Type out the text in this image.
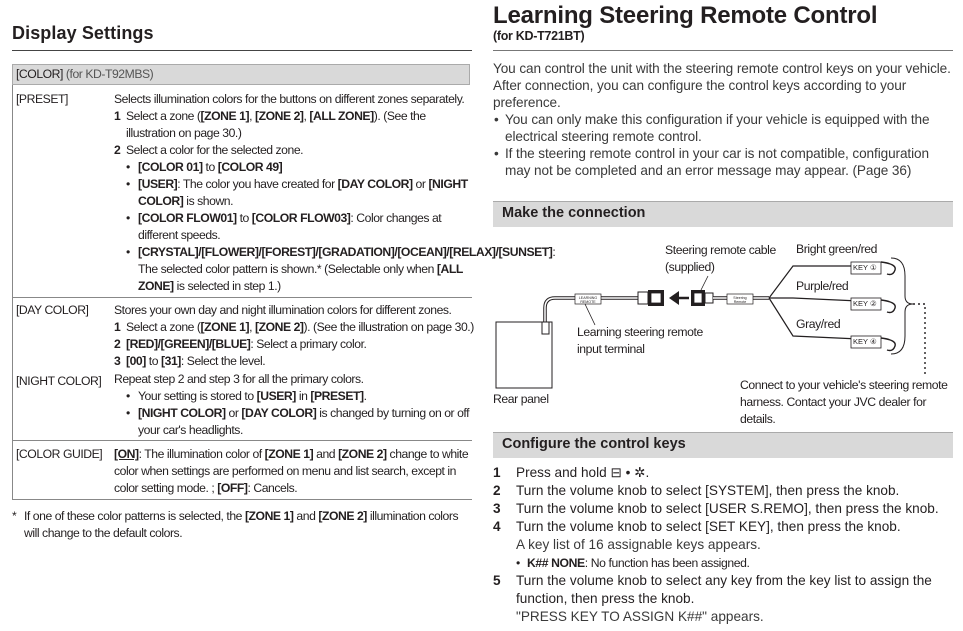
Display Settings
[COLOR] (for KD-T92MBS)
[PRESET]	Selects illumination colors for the buttons on different zones separately.
1 Select a zone ([ZONE 1], [ZONE 2], [ALL ZONE]). (See the illustration on page 30.)
2 Select a color for the selected zone.
• [COLOR 01] to [COLOR 49]
• [USER]: The color you have created for [DAY COLOR] or [NIGHT COLOR] is shown.
• [COLOR FLOW01] to [COLOR FLOW03]: Color changes at different speeds.
• [CRYSTAL]/[FLOWER]/[FOREST]/[GRADATION]/[OCEAN]/[RELAX]/[SUNSET]: The selected color pattern is shown.* (Selectable only when [ALL ZONE] is selected in step 1.)
[DAY COLOR] Stores your own day and night illumination colors for different zones.
1 Select a zone ([ZONE 1], [ZONE 2]). (See the illustration on page 30.)
2 [RED]/[GREEN]/[BLUE]: Select a primary color.
3 [00] to [31]: Select the level.
[NIGHT COLOR] Repeat step 2 and step 3 for all the primary colors.
• Your setting is stored to [USER] in [PRESET].
• [NIGHT COLOR] or [DAY COLOR] is changed by turning on or off your car's headlights.
[COLOR GUIDE] [ON]: The illumination color of [ZONE 1] and [ZONE 2] change to white color when settings are performed on menu and list search, except in color setting mode. ; [OFF]: Cancels.
* If one of these color patterns is selected, the [ZONE 1] and [ZONE 2] illumination colors will change to the default colors.
Learning Steering Remote Control
(for KD-T721BT)
You can control the unit with the steering remote control keys on your vehicle. After connection, you can configure the control keys according to your preference.
• You can only make this configuration if your vehicle is equipped with the electrical steering remote control.
• If the steering remote control in your car is not compatible, configuration may not be completed and an error message may appear. (Page 36)
Make the connection
Steering remote cable
(supplied)
Learning steering remote
input terminal
Rear panel
Bright green/red
Purple/red
Gray/red
KEY ①
KEY ②
KEY ④
LEARNING REMOTE
Steering Remote
Connect to your vehicle's steering remote
harness. Contact your JVC dealer for details.
Configure the control keys
1 Press and hold ⊟ • ✲.
2 Turn the volume knob to select [SYSTEM], then press the knob.
3 Turn the volume knob to select [USER S.REMO], then press the knob.
4 Turn the volume knob to select [SET KEY], then press the knob.
A key list of 16 assignable keys appears.
• K## NONE: No function has been assigned.
5 Turn the volume knob to select any key from the key list to assign the function, then press the knob.
"PRESS KEY TO ASSIGN K##" appears.
